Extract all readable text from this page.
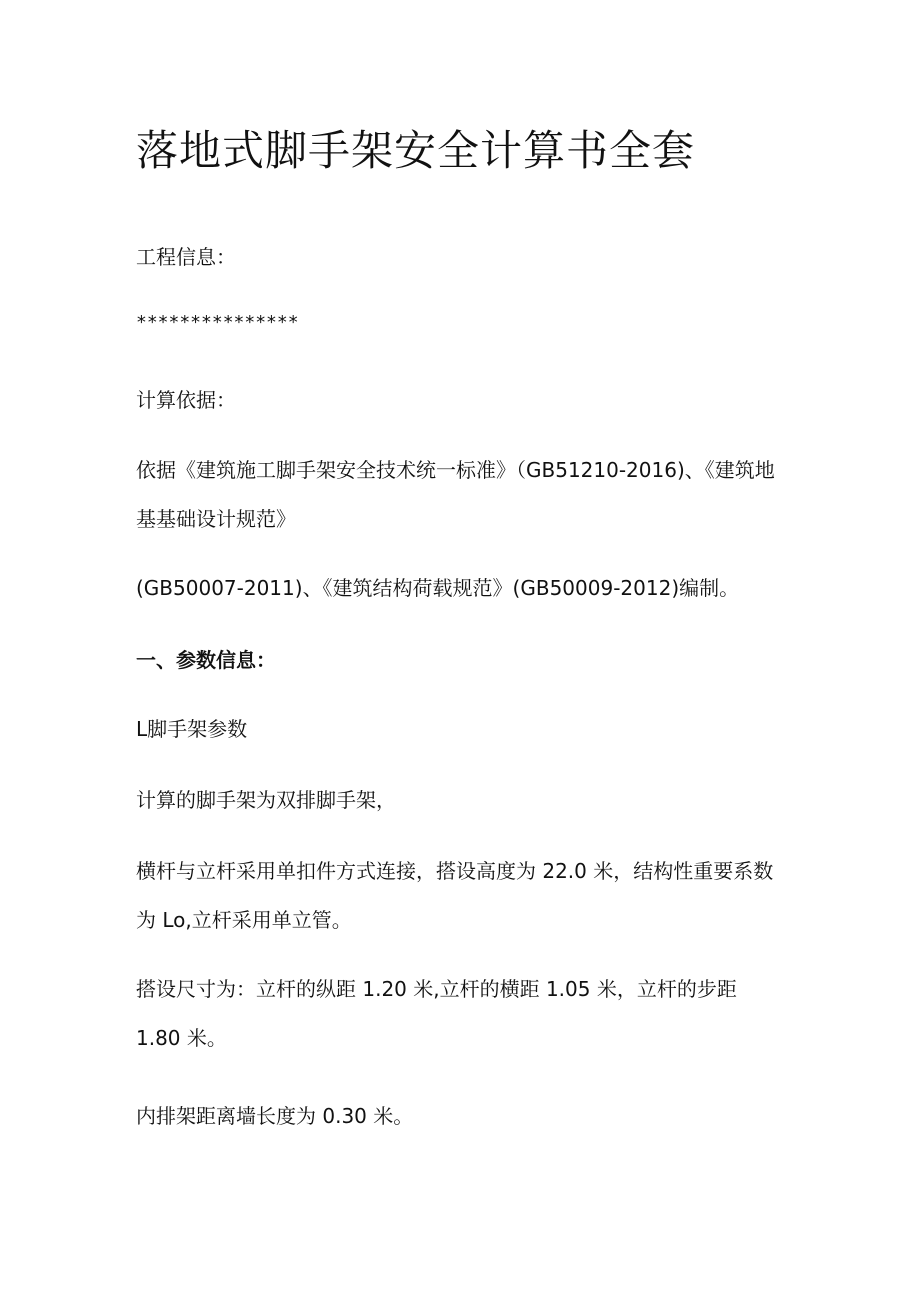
落地式脚手架安全计算书全套
工程信息：
***************
计算依据：
依据《建筑施工脚手架安全技术统一标准》（GB51210-2016)、《建筑地
基基础设计规范》
(GB50007-2011)、《建筑结构荷载规范》(GB50009-2012)编制。
一、参数信息：
L脚手架参数
计算的脚手架为双排脚手架，
横杆与立杆采用单扣件方式连接，搭设高度为 22.0 米，结构性重要系数
为 Lo,立杆采用单立管。
搭设尺寸为：立杆的纵距 1.20 米,立杆的横距 1.05 米，立杆的步距
1.80 米。
内排架距离墙长度为 0.30 米。
